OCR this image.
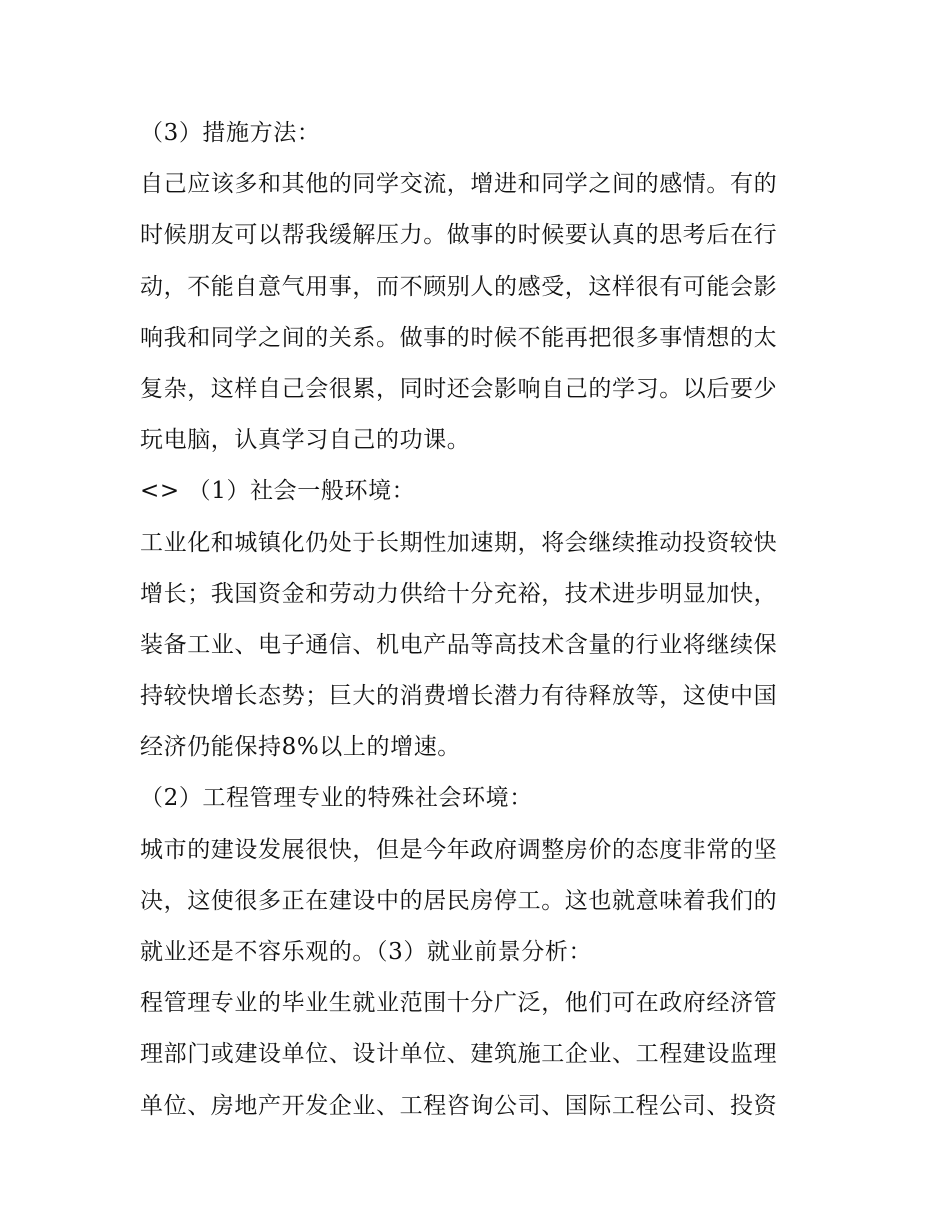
（3）措施方法：
自己应该多和其他的同学交流，增进和同学之间的感情。有的
时候朋友可以帮我缓解压力。做事的时候要认真的思考后在行
动，不能自意气用事，而不顾别人的感受，这样很有可能会影
响我和同学之间的关系。做事的时候不能再把很多事情想的太
复杂，这样自己会很累，同时还会影响自己的学习。以后要少
玩电脑，认真学习自己的功课。
<> （1）社会一般环境：
工业化和城镇化仍处于长期性加速期，将会继续推动投资较快
增长；我国资金和劳动力供给十分充裕，技术进步明显加快，
装备工业、电子通信、机电产品等高技术含量的行业将继续保
持较快增长态势；巨大的消费增长潜力有待释放等，这使中国
经济仍能保持8%以上的增速。
（2）工程管理专业的特殊社会环境：
城市的建设发展很快，但是今年政府调整房价的态度非常的坚
决，这使很多正在建设中的居民房停工。这也就意味着我们的
就业还是不容乐观的。（3）就业前景分析：
程管理专业的毕业生就业范围十分广泛，他们可在政府经济管
理部门或建设单位、设计单位、建筑施工企业、工程建设监理
单位、房地产开发企业、工程咨询公司、国际工程公司、投资
